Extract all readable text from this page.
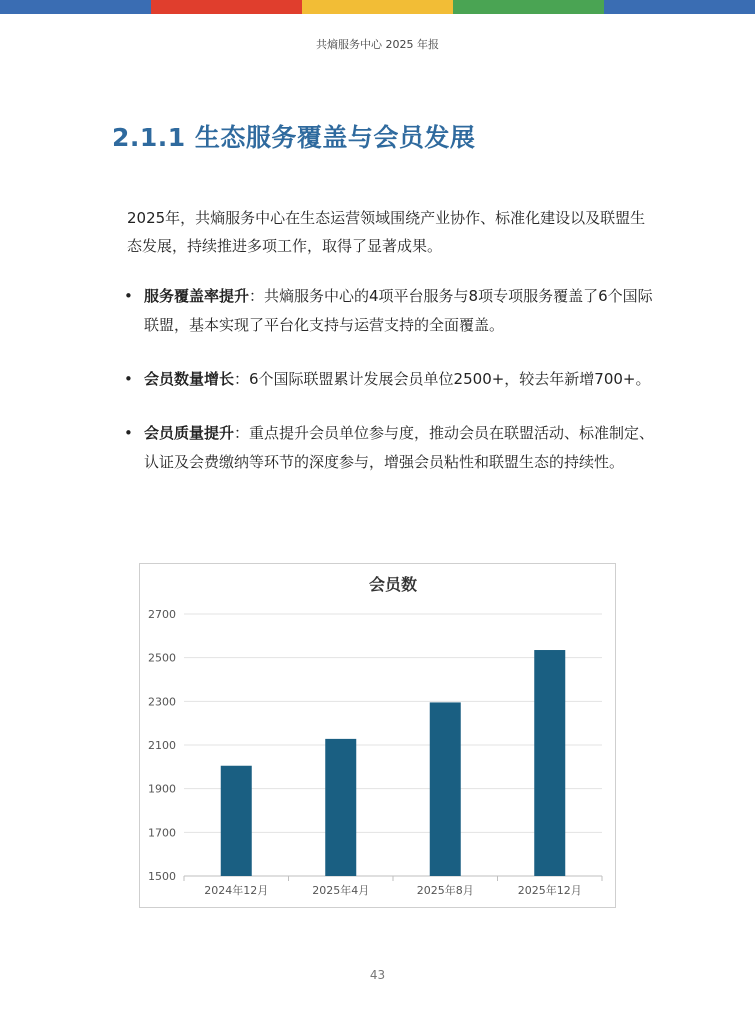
共熵服务中心 2025 年报
2.1.1 生态服务覆盖与会员发展

2025年，共熵服务中心在生态运营领域围绕产业协作、标准化建设以及联盟生态发展，持续推进多项工作，取得了显著成果。

• 服务覆盖率提升：共熵服务中心的4项平台服务与8项专项服务覆盖了6个国际联盟，基本实现了平台化支持与运营支持的全面覆盖。
• 会员数量增长：6个国际联盟累计发展会员单位2500+，较去年新增700+。
• 会员质量提升：重点提升会员单位参与度，推动会员在联盟活动、标准制定、认证及会费缴纳等环节的深度参与，增强会员粘性和联盟生态的持续性。
会员数
1500
1700
1900
2100
2300
2500
2700
2024年12月	2025年4月	2025年8月	2025年12月
43
